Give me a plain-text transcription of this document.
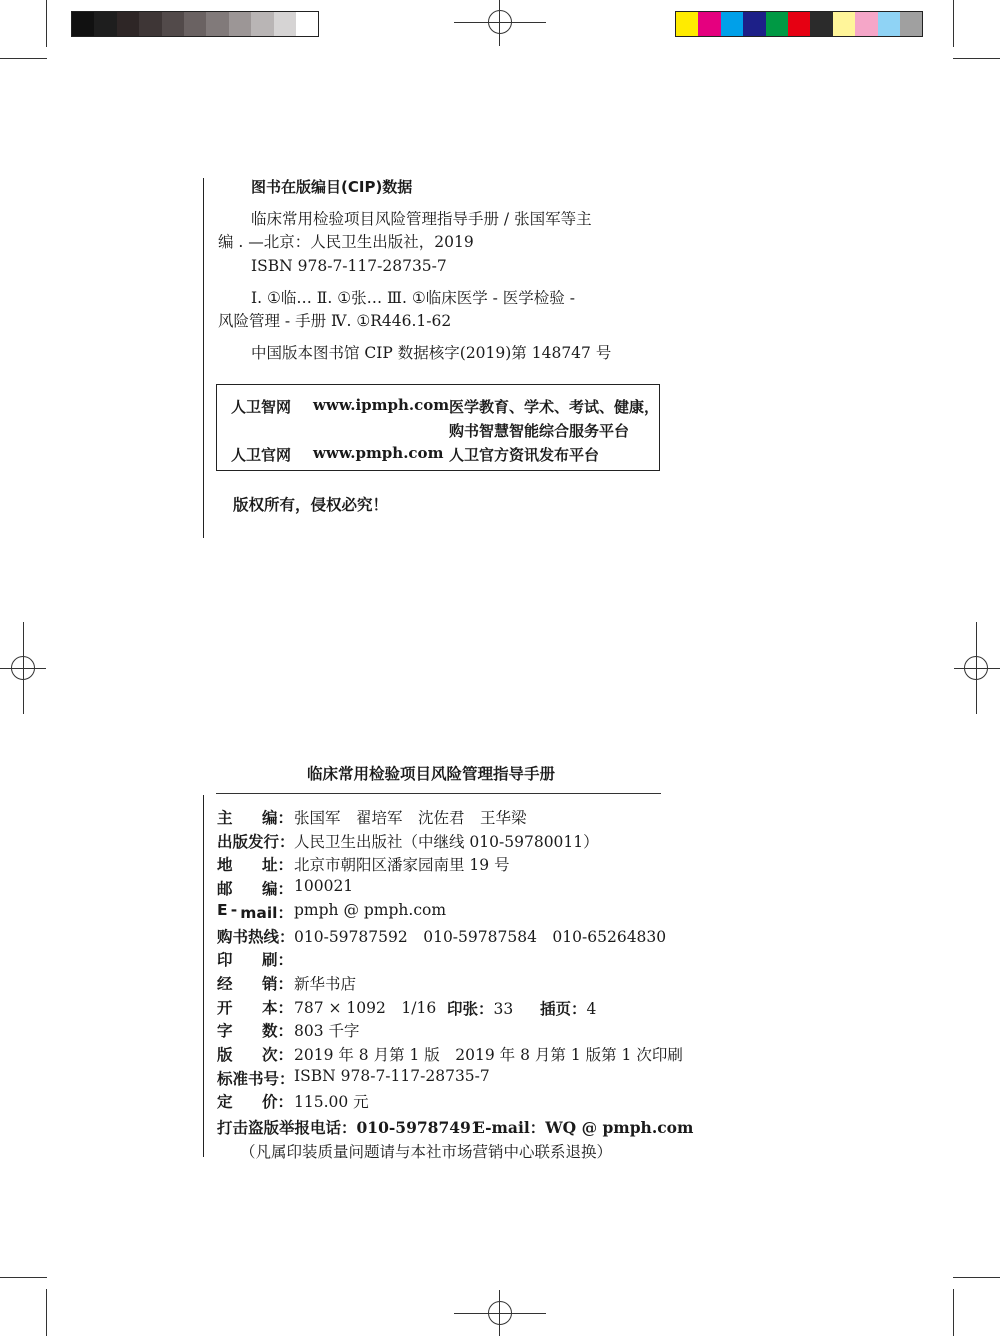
图书在版编目(CIP)数据
临床常用检验项目风险管理指导手册 / 张国军等主
编 . —北京：人民卫生出版社，2019
ISBN 978-7-117-28735-7
Ⅰ. ①临… Ⅱ. ①张… Ⅲ. ①临床医学 - 医学检验 -
风险管理 - 手册 Ⅳ. ①R446.1-62
中国版本图书馆 CIP 数据核字(2019)第 148747 号
人卫智网 www.ipmph.com 医学教育、学术、考试、健康，
购书智慧智能综合服务平台
人卫官网 www.pmph.com 人卫官方资讯发布平台
版权所有，侵权必究！
临床常用检验项目风险管理指导手册
主 编： 张国军　翟培军　沈佐君　王华梁
出版发行： 人民卫生出版社（中继线 010-59780011）
地 址： 北京市朝阳区潘家园南里 19 号
邮 编： 100021
E - mail： pmph @ pmph.com
购书热线： 010-59787592　010-59787584　010-65264830
印 刷：
经 销： 新华书店
开 本： 787 × 1092　1/16　
字 数： 803 千字
版 次： 2019 年 8 月第 1 版　2019 年 8 月第 1 版第 1 次印刷
标准书号： ISBN 978-7-117-28735-7
定 价： 115.00 元
印张：33 插页：4
打击盗版举报电话：010-59787491
E-mail：WQ @ pmph.com
（凡属印装质量问题请与本社市场营销中心联系退换）
